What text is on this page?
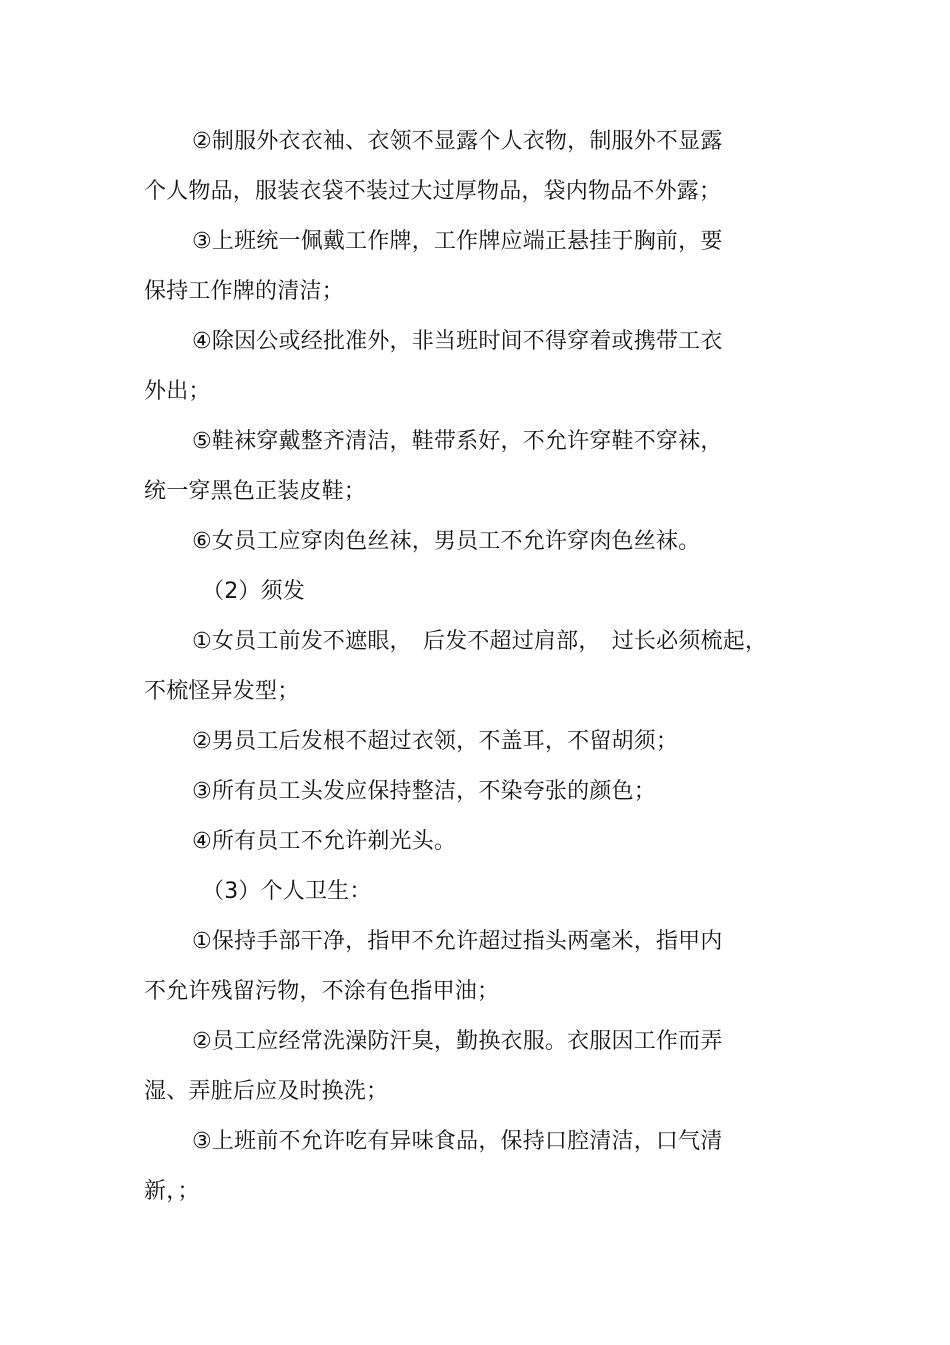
②制服外衣衣袖、衣领不显露个人衣物，制服外不显露
个人物品，服装衣袋不装过大过厚物品，袋内物品不外露；
③上班统一佩戴工作牌，工作牌应端正悬挂于胸前，要
保持工作牌的清洁；
④除因公或经批准外，非当班时间不得穿着或携带工衣
外出；
⑤鞋袜穿戴整齐清洁，鞋带系好，不允许穿鞋不穿袜，
统一穿黑色正装皮鞋；
⑥女员工应穿肉色丝袜，男员工不允许穿肉色丝袜。
（2）须发
①女员工前发不遮眼，　后发不超过肩部，　过长必须梳起，
不梳怪异发型；
②男员工后发根不超过衣领，不盖耳，不留胡须；
③所有员工头发应保持整洁，不染夸张的颜色；
④所有员工不允许剃光头。
（3）个人卫生：
①保持手部干净，指甲不允许超过指头两毫米，指甲内
不允许残留污物，不涂有色指甲油；
②员工应经常洗澡防汗臭，勤换衣服。衣服因工作而弄
湿、弄脏后应及时换洗；
③上班前不允许吃有异味食品，保持口腔清洁，口气清
新，；
